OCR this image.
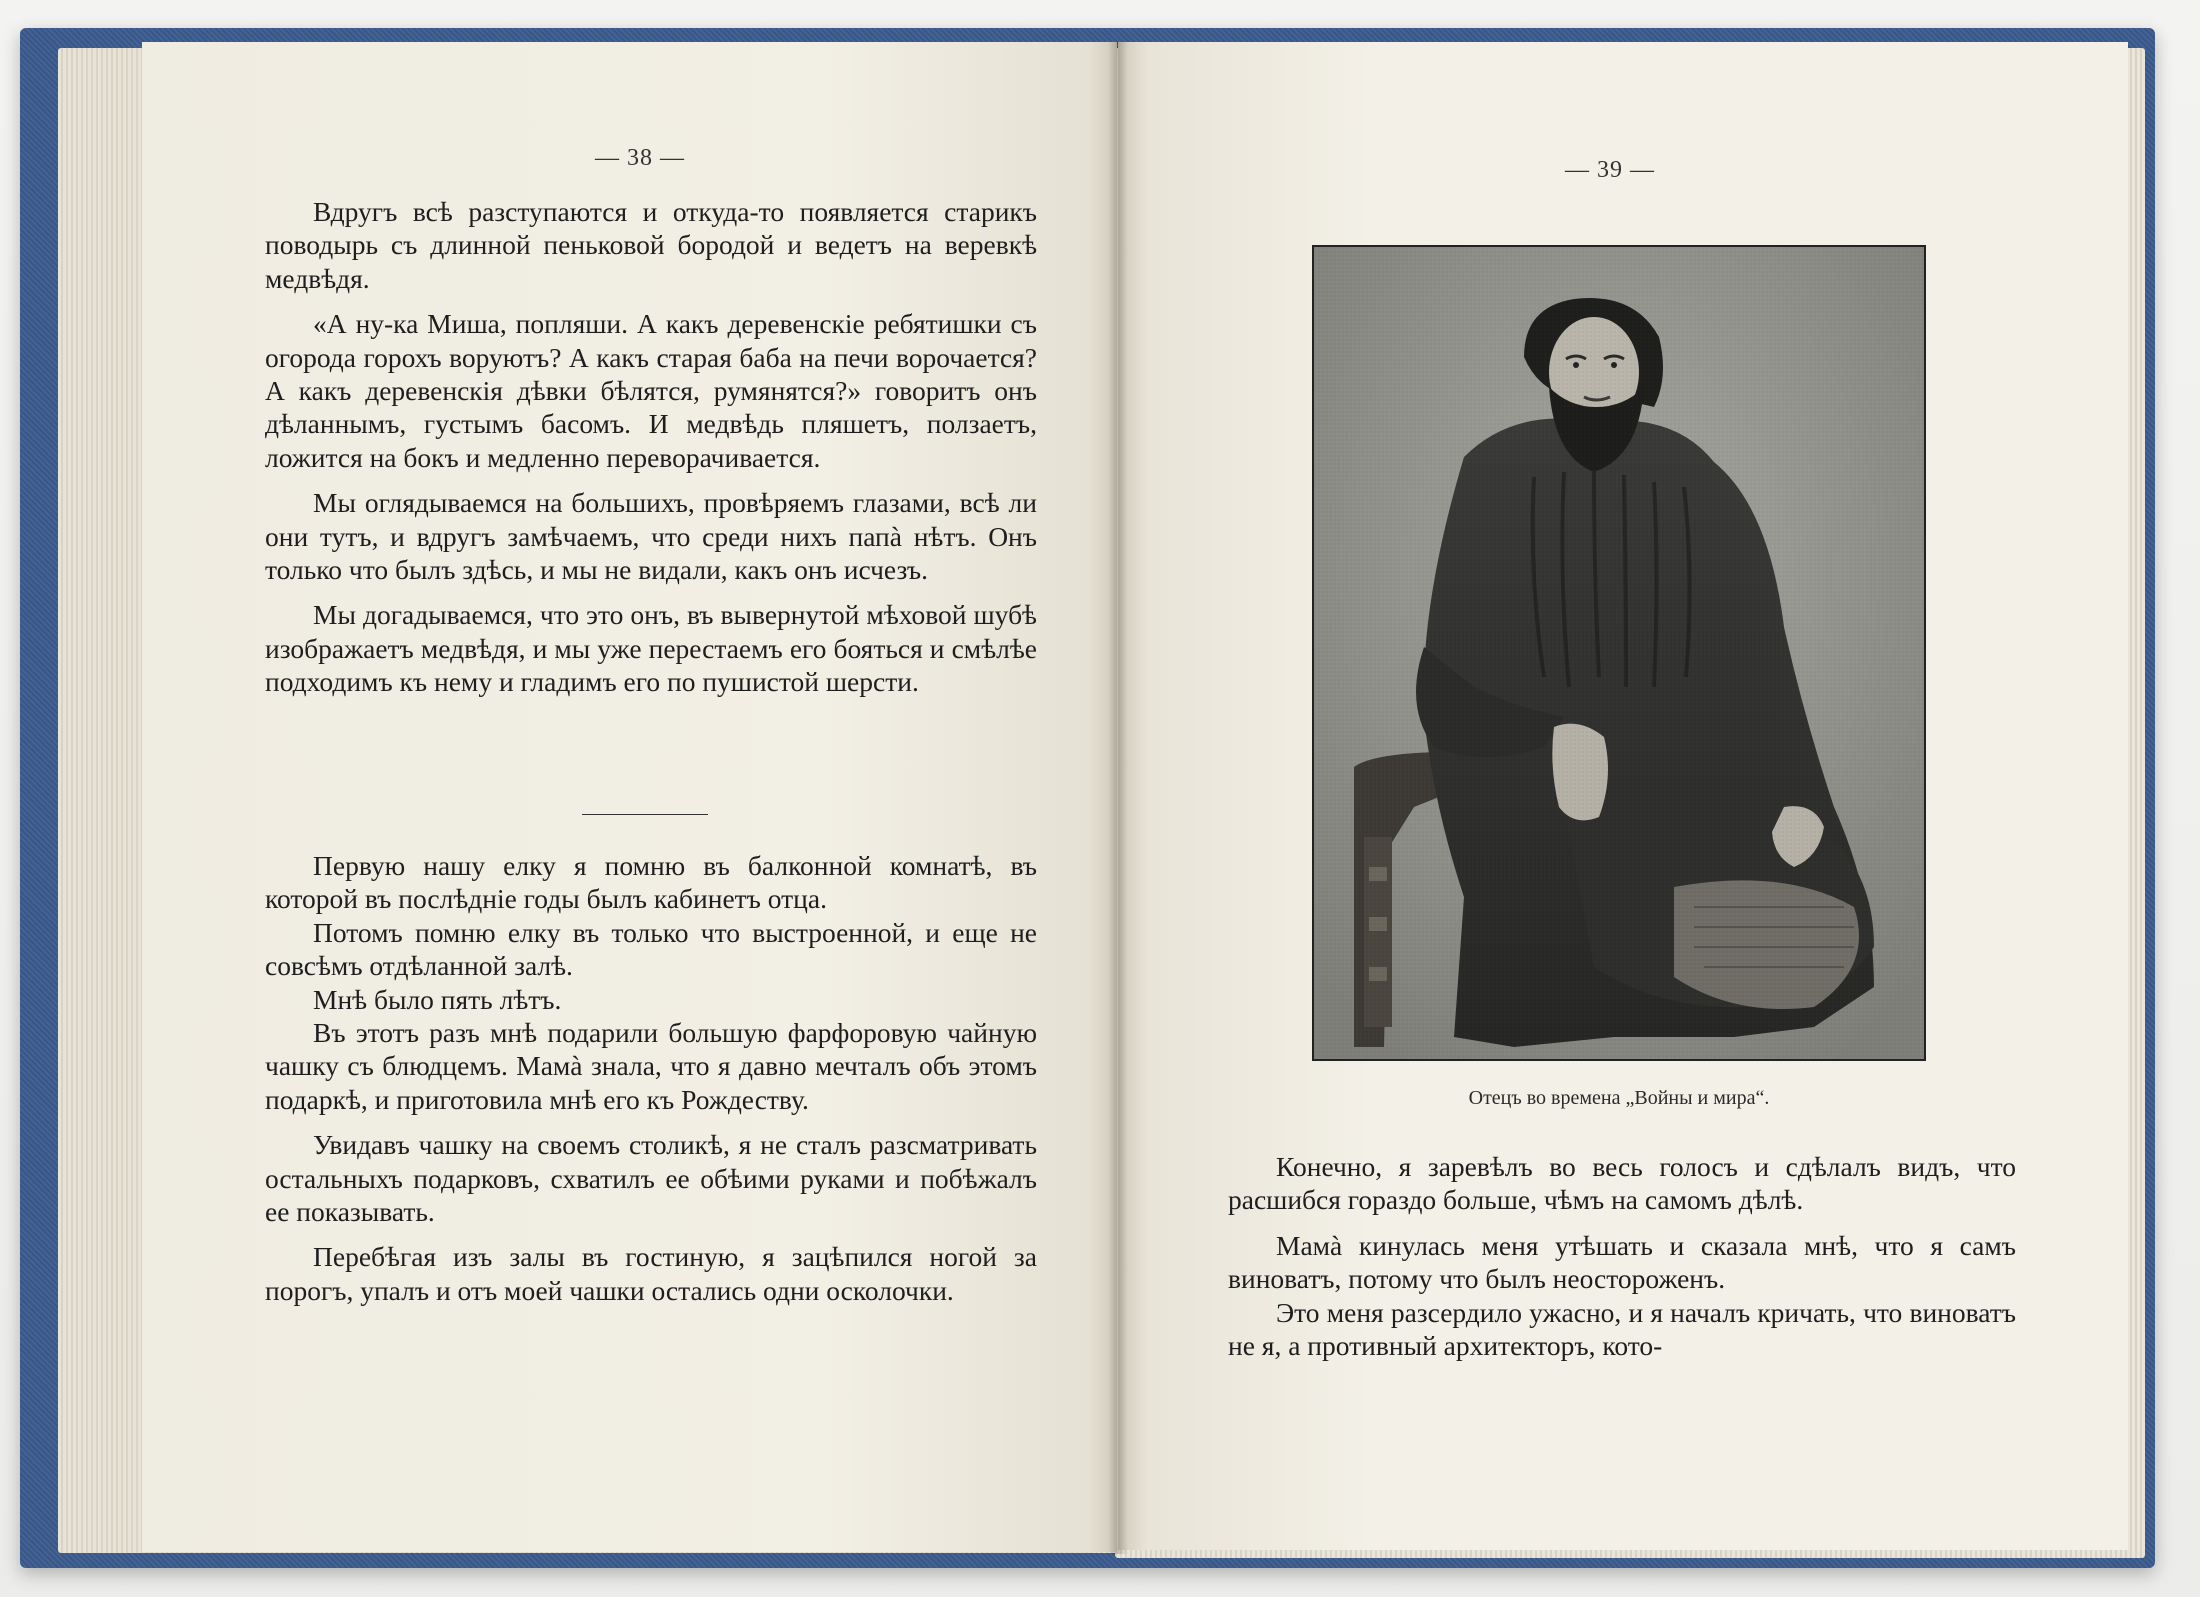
— 38 —

Вдругъ всѣ разступаются и откуда-то появляется старикъ поводырь съ длинной пеньковой бородой и ведетъ на веревкѣ медвѣдя.

«А ну-ка Миша, попляши. А какъ деревенскіе ребятишки съ огорода горохъ воруютъ? А какъ старая баба на печи ворочается? А какъ деревенскія дѣвки бѣлятся, румянятся?» говоритъ онъ дѣланнымъ, густымъ басомъ. И медвѣдь пляшетъ, ползаетъ, ложится на бокъ и медленно переворачивается.

Мы оглядываемся на большихъ, провѣряемъ глазами, всѣ ли они тутъ, и вдругъ замѣчаемъ, что среди нихъ папà нѣтъ. Онъ только что былъ здѣсь, и мы не видали, какъ онъ исчезъ.

Мы догадываемся, что это онъ, въ вывернутой мѣховой шубѣ изображаетъ медвѣдя, и мы уже перестаемъ его бояться и смѣлѣе подходимъ къ нему и гладимъ его по пушистой шерсти.

Первую нашу елку я помню въ балконной комнатѣ, въ которой въ послѣдніе годы былъ кабинетъ отца.

Потомъ помню елку въ только что выстроенной, и еще не совсѣмъ отдѣланной залѣ.

Мнѣ было пять лѣтъ.

Въ этотъ разъ мнѣ подарили большую фарфоровую чайную чашку съ блюдцемъ. Мамà знала, что я давно мечталъ объ этомъ подаркѣ, и приготовила мнѣ его къ Рождеству.

Увидавъ чашку на своемъ столикѣ, я не сталъ разсматривать остальныхъ подарковъ, схватилъ ее обѣими руками и побѣжалъ ее показывать.

Перебѣгая изъ залы въ гостиную, я зацѣпился ногой за порогъ, упалъ и отъ моей чашки остались одни осколочки.

— 39 —
Отецъ во времена „Войны и мира“.

Конечно, я заревѣлъ во весь голосъ и сдѣлалъ видъ, что расшибся гораздо больше, чѣмъ на самомъ дѣлѣ.

Мамà кинулась меня утѣшать и сказала мнѣ, что я самъ виноватъ, потому что былъ неостороженъ.

Это меня разсердило ужасно, и я началъ кричать, что виноватъ не я, а противный архитекторъ, кото-
